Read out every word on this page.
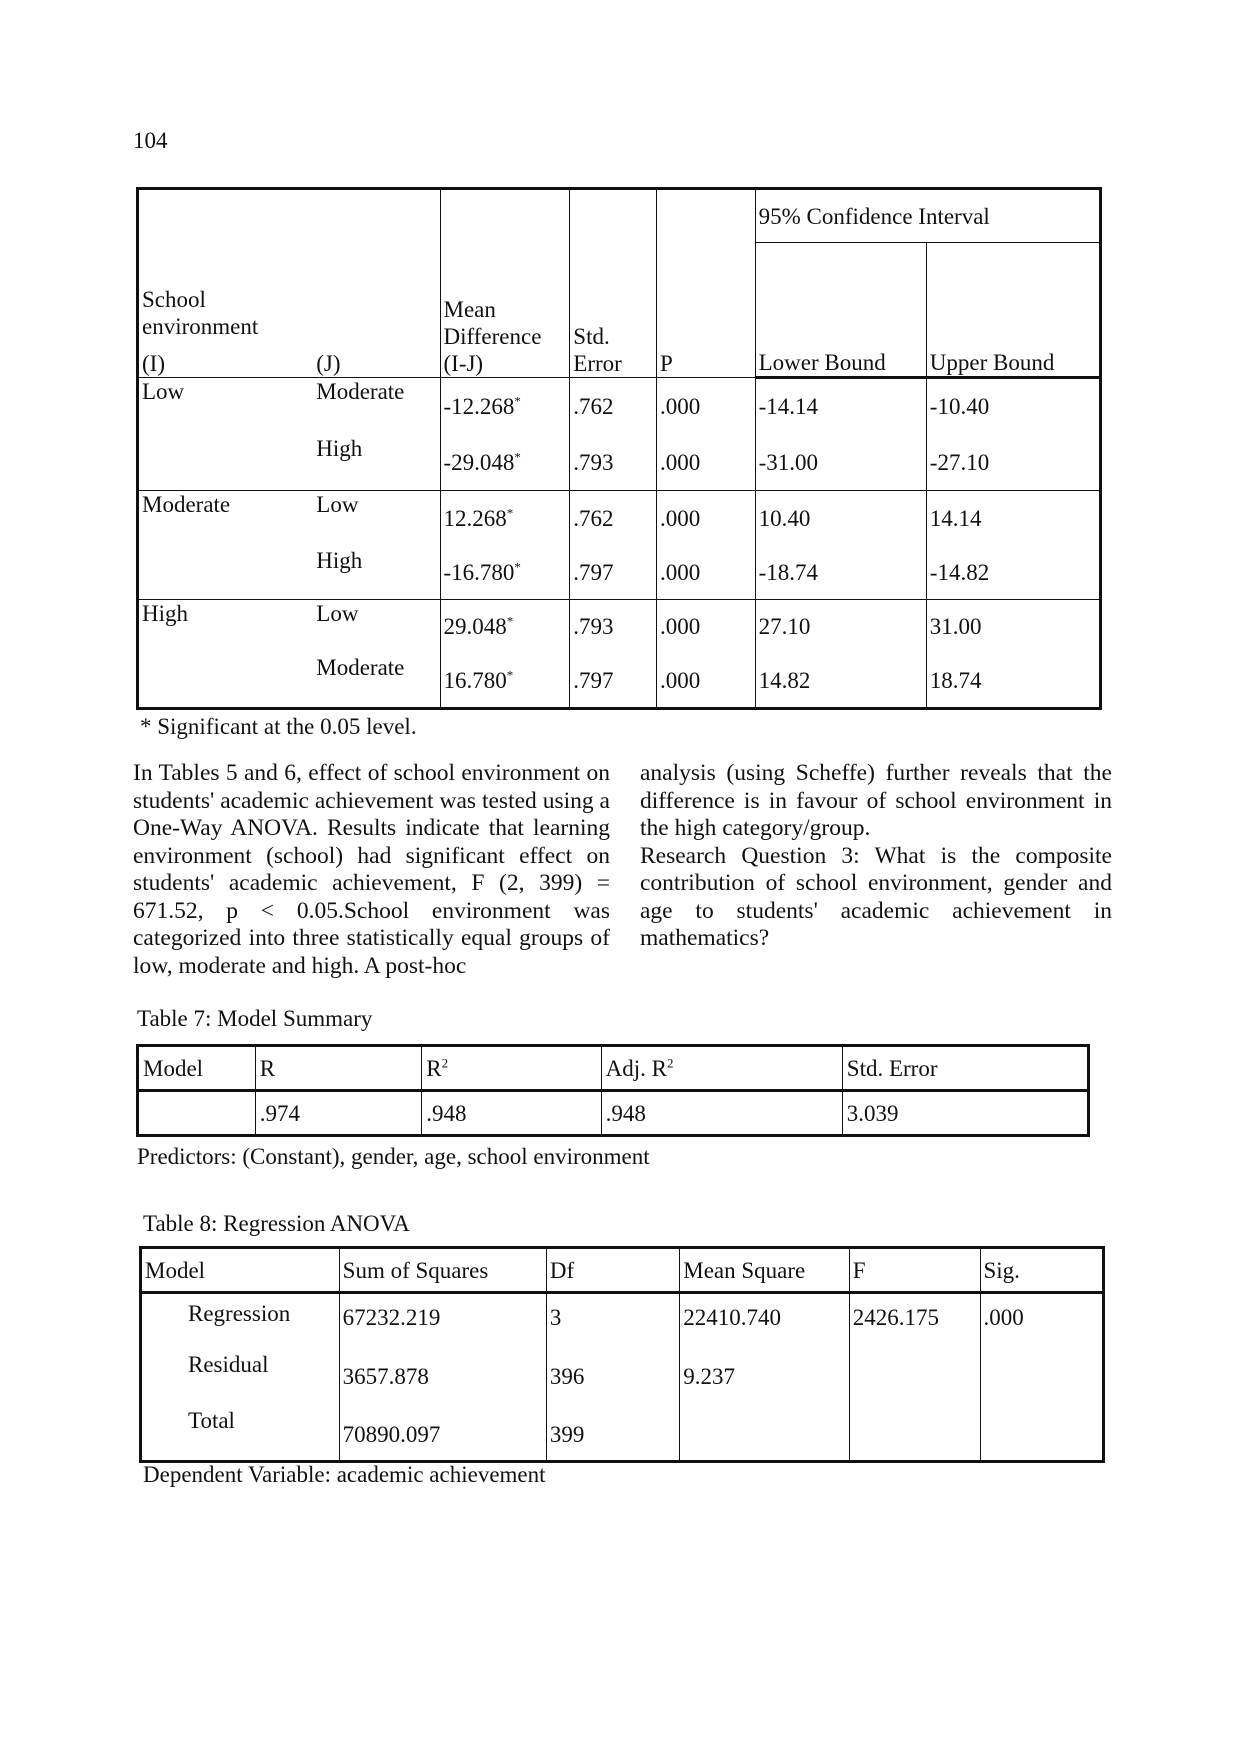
104
School environment
(I)	(J)	Mean Difference (I-J)	Std. Error	P	95% Confidence Interval	
					Lower Bound	Upper Bound
Low	Moderate	-12.268*	.762	.000	-14.14	-10.40
	High	-29.048*	.793	.000	-31.00	-27.10
Moderate	Low	12.268*	.762	.000	10.40	14.14
	High	-16.780*	.797	.000	-18.74	-14.82
High	Low	29.048*	.793	.000	27.10	31.00
	Moderate	16.780*	.797	.000	14.82	18.74
* Significant at the 0.05 level.

In Tables 5 and 6, effect of school environment on students' academic achievement was tested using a One-Way ANOVA. Results indicate that learning environment (school) had significant effect on students' academic achievement, F (2, 399) = 671.52, p < 0.05.School environment was categorized into three statistically equal groups of low, moderate and high. A post-hoc

analysis (using Scheffe) further reveals that the difference is in favour of school environment in the high category/group.

Research Question 3: What is the composite contribution of school environment, gender and age to students' academic achievement in mathematics?

Table 7: Model Summary
Model	R	$R^2$	Adj. $R^2$	Std. Error
	.974	.948	.948	3.039
Predictors: (Constant), gender, age, school environment
Table 8: Regression ANOVA
Model	Sum of Squares	Df	Mean Square	F	Sig.
Regression	67232.219	3	22410.740	2426.175	.000
Residual	3657.878	396	9.237		
Total	70890.097	399			
Dependent Variable: academic achievement
